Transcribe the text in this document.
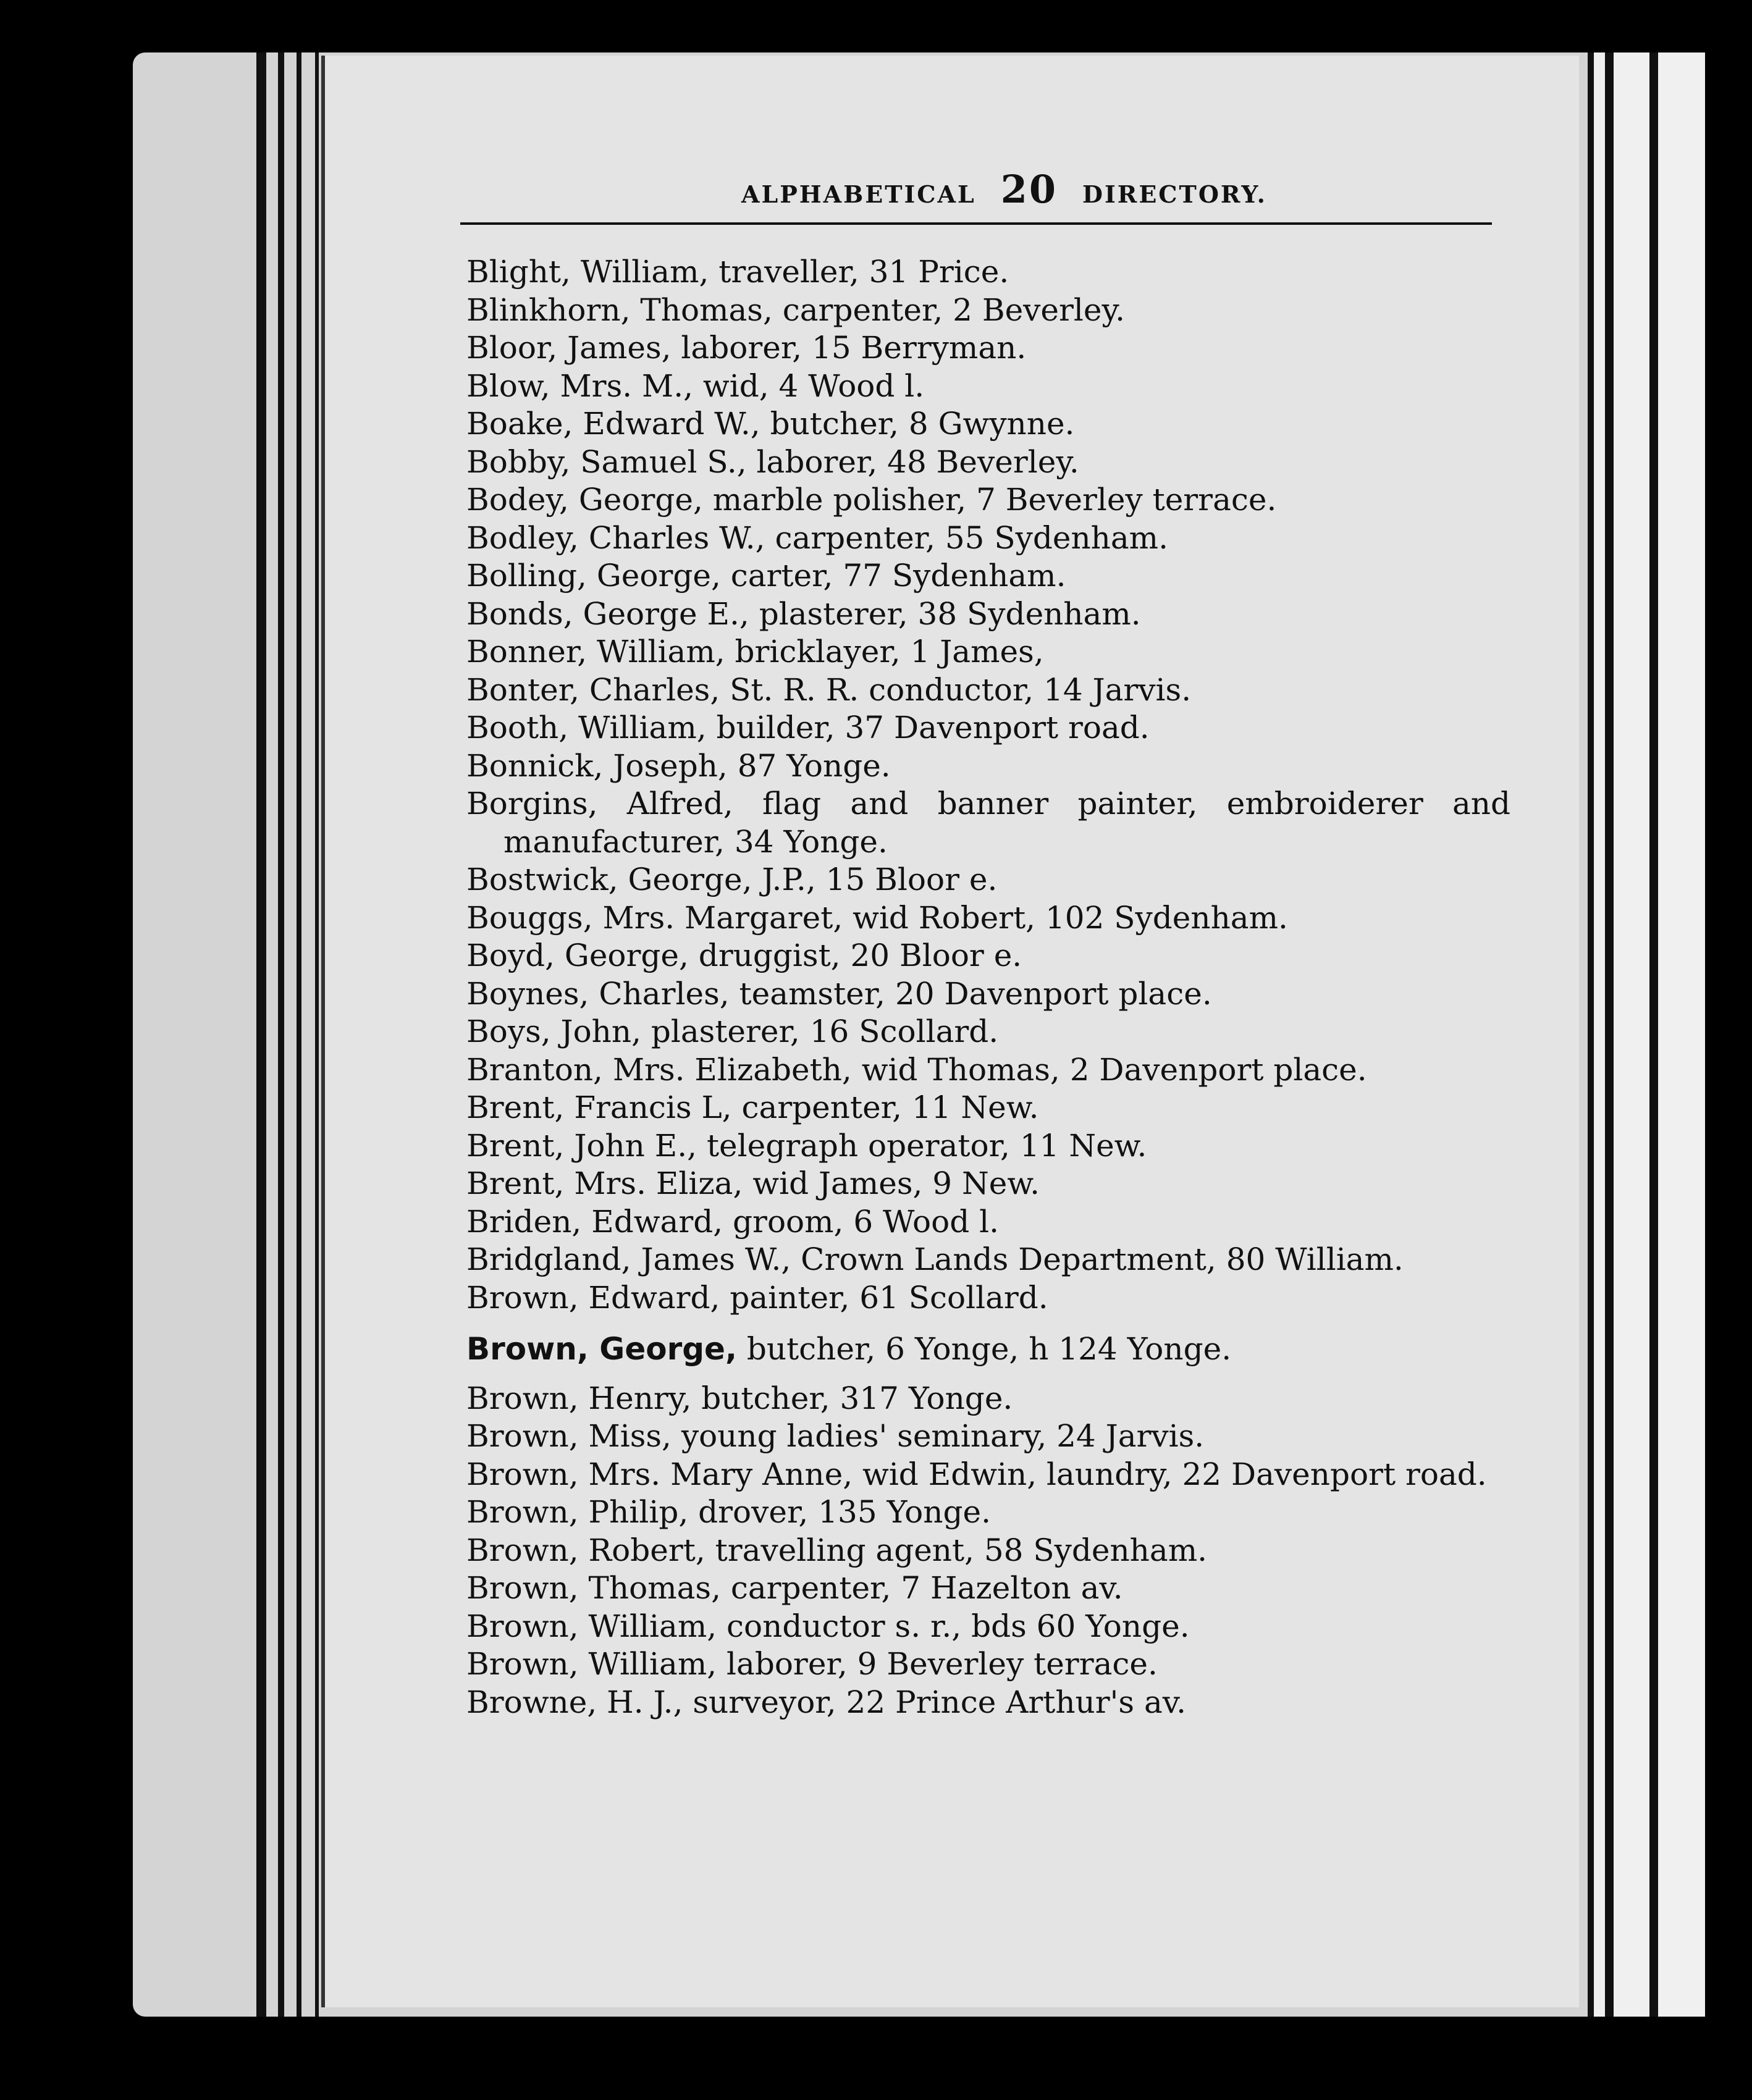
ALPHABETICAL 20 DIRECTORY.
Blight, William, traveller, 31 Price.
Blinkhorn, Thomas, carpenter, 2 Beverley.
Bloor, James, laborer, 15 Berryman.
Blow, Mrs. M., wid, 4 Wood l.
Boake, Edward W., butcher, 8 Gwynne.
Bobby, Samuel S., laborer, 48 Beverley.
Bodey, George, marble polisher, 7 Beverley terrace.
Bodley, Charles W., carpenter, 55 Sydenham.
Bolling, George, carter, 77 Sydenham.
Bonds, George E., plasterer, 38 Sydenham.
Bonner, William, bricklayer, 1 James,
Bonter, Charles, St. R. R. conductor, 14 Jarvis.
Booth, William, builder, 37 Davenport road.
Bonnick, Joseph, 87 Yonge.
Borgins, Alfred, flag and banner painter, embroiderer and manufacturer, 34 Yonge.
Bostwick, George, J.P., 15 Bloor e.
Bouggs, Mrs. Margaret, wid Robert, 102 Sydenham.
Boyd, George, druggist, 20 Bloor e.
Boynes, Charles, teamster, 20 Davenport place.
Boys, John, plasterer, 16 Scollard.
Branton, Mrs. Elizabeth, wid Thomas, 2 Davenport place.
Brent, Francis L, carpenter, 11 New.
Brent, John E., telegraph operator, 11 New.
Brent, Mrs. Eliza, wid James, 9 New.
Briden, Edward, groom, 6 Wood l.
Bridgland, James W., Crown Lands Department, 80 William.
Brown, Edward, painter, 61 Scollard.
Brown, George, butcher, 6 Yonge, h 124 Yonge.
Brown, Henry, butcher, 317 Yonge.
Brown, Miss, young ladies' seminary, 24 Jarvis.
Brown, Mrs. Mary Anne, wid Edwin, laundry, 22 Davenport road.
Brown, Philip, drover, 135 Yonge.
Brown, Robert, travelling agent, 58 Sydenham.
Brown, Thomas, carpenter, 7 Hazelton av.
Brown, William, conductor s. r., bds 60 Yonge.
Brown, William, laborer, 9 Beverley terrace.
Browne, H. J., surveyor, 22 Prince Arthur's av.
